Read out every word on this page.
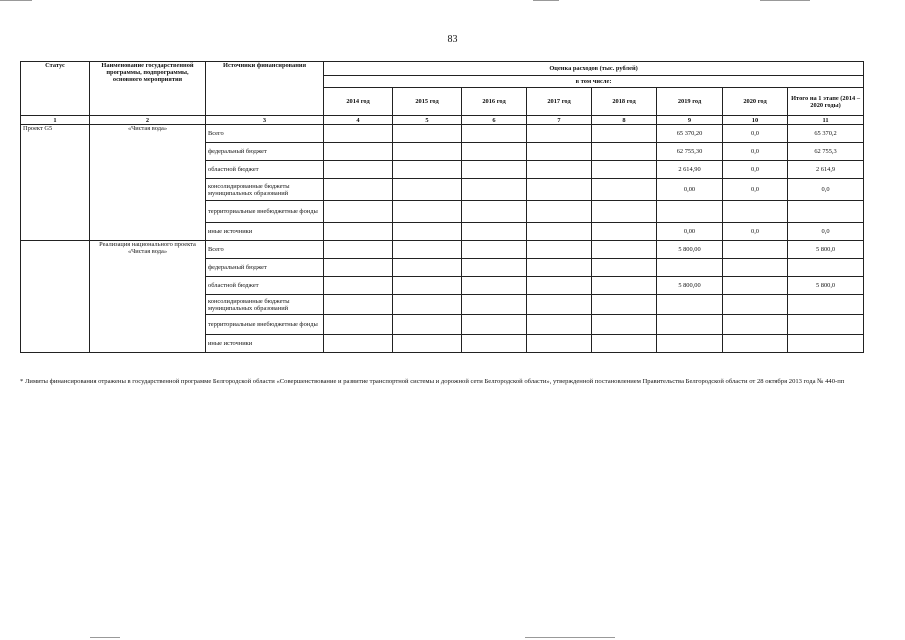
83
Статус	Наименование государственной программы, подпрограммы, основного мероприятия	Источники финансирования	Оценка расходов (тыс. рублей)							
			в том числе:							
			2014 год	2015 год	2016 год	2017 год	2018 год	2019 год	2020 год	Итого на 1 этапе (2014 – 2020 годы)
1	2	3	4	5	6	7	8	9	10	11
Проект G5	«Чистая вода»	Всего						65 370,20	0,0	65 370,2
		федеральный бюджет						62 755,30	0,0	62 755,3
		областной бюджет						2 614,90	0,0	2 614,9
		консолидированные бюджеты муниципальных образований						0,00	0,0	0,0
		территориальные внебюджетные фонды								
		иные источники						0,00	0,0	0,0
	Реализация национального проекта «Чистая вода»	Всего						5 800,00		5 800,0
		федеральный бюджет								
		областной бюджет						5 800,00		5 800,0
		консолидированные бюджеты муниципальных образований								
		территориальные внебюджетные фонды								
		иные источники								
* Лимиты финансирования отражены в государственной программе Белгородской области «Совершенствование и развитие транспортной системы и дорожной сети Белгородской области», утвержденной постановлением Правительства Белгородской области от 28 октября 2013 года № 440-пп
